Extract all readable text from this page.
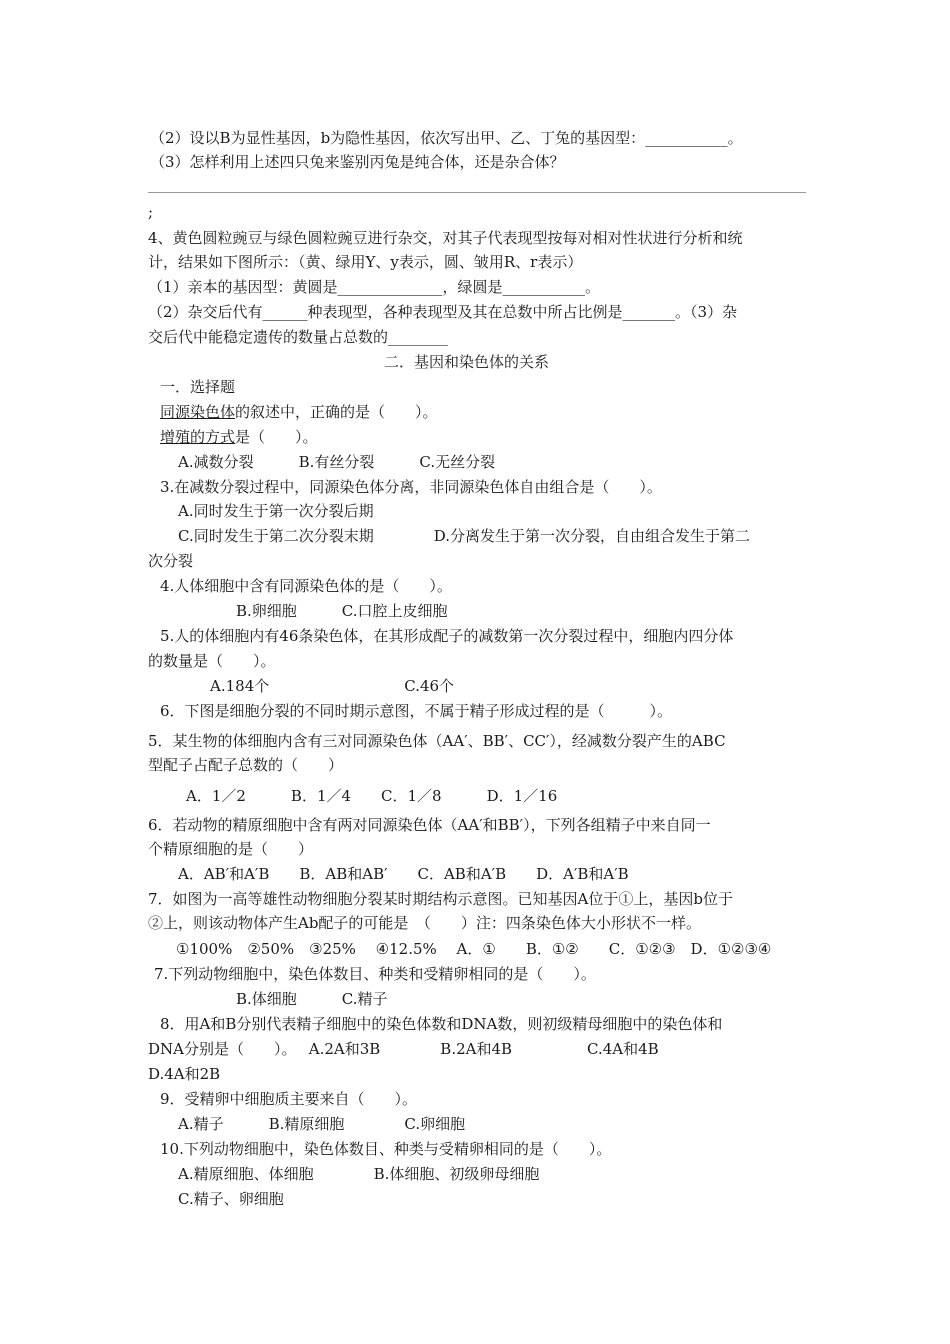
（2）设以B为显性基因，b为隐性基因，依次写出甲、乙、丁兔的基因型：___________。
（3）怎样利用上述四只兔来鉴别丙兔是纯合体，还是杂合体？
;
4、黄色圆粒豌豆与绿色圆粒豌豆进行杂交，对其子代表现型按每对相对性状进行分析和统
计，结果如下图所示：（黄、绿用Y、y表示，圆、皱用R、r表示）
（1）亲本的基因型：黄圆是______________，绿圆是___________。
（2）杂交后代有______种表现型，各种表现型及其在总数中所占比例是_______。（3）杂
交后代中能稳定遗传的数量占总数的________
二．基因和染色体的关系
一．选择题
同源染色体的叙述中，正确的是（　　）。
增殖的方式是（　　）。
A.减数分裂　　　B.有丝分裂　　　C.无丝分裂
3.在减数分裂过程中，同源染色体分离，非同源染色体自由组合是（　　）。
A.同时发生于第一次分裂后期
C.同时发生于第二次分裂末期　　　　D.分离发生于第一次分裂，自由组合发生于第二
次分裂
4.人体细胞中含有同源染色体的是（　　）。
B.卵细胞　　　C.口腔上皮细胞
5.人的体细胞内有46条染色体，在其形成配子的减数第一次分裂过程中，细胞内四分体
的数量是（　　）。
A.184个　　　　　　　　　C.46个
6．下图是细胞分裂的不同时期示意图，不属于精子形成过程的是（　　　）。
5．某生物的体细胞内含有三对同源染色体（AA′、BB′、CC′），经减数分裂产生的ABC
型配子占配子总数的（　　）
A．1／2　　　B．1／4　　C．1／8　　　D．1／16
6．若动物的精原细胞中含有两对同源染色体（AA′和BB′），下列各组精子中来自同一
个精原细胞的是（　　）
A．AB′和A′B　　B．AB和AB′　　C．AB和A′B　　D．A′B和A′B
7．如图为一高等雄性动物细胞分裂某时期结构示意图。已知基因A位于①上，基因b位于
②上，则该动物体产生Ab配子的可能是　（　　）注：四条染色体大小形状不一样。
①100%　②50%　③25%　 ④12.5%　 A．①　　B．①②　　C．①②③　D．①②③④
7.下列动物细胞中，染色体数目、种类和受精卵相同的是（　　）。
B.体细胞　　　C.精子
8．用A和B分别代表精子细胞中的染色体数和DNA数，则初级精母细胞中的染色体和
DNA分别是（　　）。　 A.2A和3B　　　　B.2A和4B　　　　　C.4A和4B
D.4A和2B
9．受精卵中细胞质主要来自（　　）。
A.精子　　　B.精原细胞　　　　C.卵细胞
10.下列动物细胞中，染色体数目、种类与受精卵相同的是（　　）。
A.精原细胞、体细胞　　　　B.体细胞、初级卵母细胞
C.精子、卵细胞
